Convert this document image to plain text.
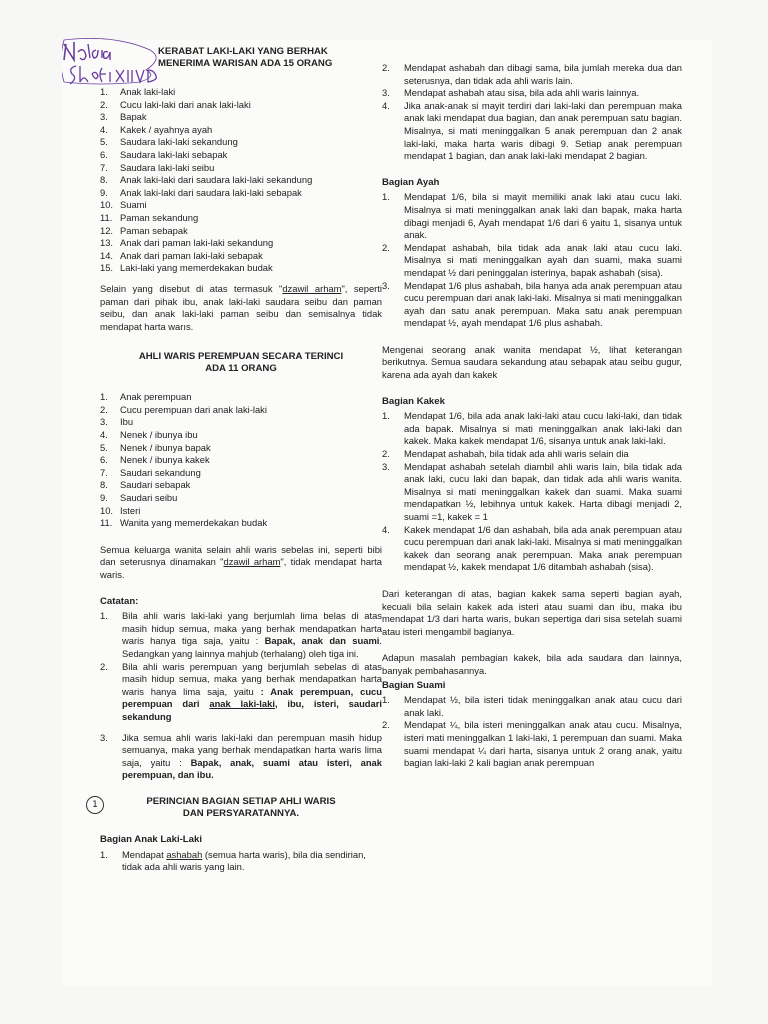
KERABAT LAKI-LAKI YANG BERHAK
MENERIMA WARISAN ADA 15 ORANG
1. Anak laki-laki
2. Cucu laki-laki dari anak laki-laki
3. Bapak
4. Kakek / ayahnya ayah
5. Saudara laki-laki sekandung
6. Saudara laki-laki sebapak
7. Saudara laki-laki seibu
8. Anak laki-laki dari saudara laki-laki sekandung
9. Anak laki-laki dari saudara laki-laki sebapak
10. Suami
11. Paman sekandung
12. Paman sebapak
13. Anak dari paman laki-laki sekandung
14. Anak dari paman laki-laki sebapak
15. Laki-laki yang memerdekakan budak

Selain yang disebut di atas termasuk "dzawil arham", seperti paman dari pihak ibu, anak laki-laki saudara seibu dan paman seibu, dan anak laki-laki paman seibu dan semisalnya tidak mendapat harta warıs.

AHLI WARIS PEREMPUAN SECARA TERINCI
ADA 11 ORANG
1. Anak perempuan
2. Cucu perempuan dari anak laki-laki
3. Ibu
4. Nenek / ibunya ibu
5. Nenek / ibunya bapak
6. Nenek / ibunya kakek
7. Saudari sekandung
8. Saudari sebapak
9. Saudari seibu
10. Isteri
11. Wanita yang memerdekakan budak

Semua keluarga wanita selain ahli waris sebelas ini, seperti bibi dan seterusnya dinamakan "dzawil arham", tidak mendapat harta waris.

Catatan:
1. Bila ahli waris laki-laki yang berjumlah lima belas di atas masih hidup semua, maka yang berhak mendapatkan harta waris hanya tiga saja, yaitu : Bapak, anak dan suami. Sedangkan yang lainnya mahjub (terhalang) oleh tiga ini.
2. Bila ahli waris perempuan yang berjumlah sebelas di atas masih hidup semua, maka yang berhak mendapatkan harta waris hanya lima saja, yaitu : Anak perempuan, cucu perempuan dari anak laki-laki, ibu, isteri, saudari sekandung
3. Jika semua ahli waris laki-laki dan perempuan masih hidup semuanya, maka yang berhak mendapatkan harta waris lima saja, yaitu : Bapak, anak, suami atau isteri, anak perempuan, dan ibu.
1	PERINCIAN BAGIAN SETIAP AHLI WARIS
DAN PERSYARATANNYA.
Bagian Anak Laki-Laki
1. Mendapat ashabah (semua harta waris), bila dia sendirian, tidak ada ahli waris yang lain.
2. Mendapat ashabah dan dibagi sama, bila jumlah mereka dua dan seterusnya, dan tidak ada ahli waris lain.
3. Mendapat ashabah atau sisa, bila ada ahli waris lainnya.
4. Jika anak-anak si mayit terdiri dari laki-laki dan perempuan maka anak laki mendapat dua bagian, dan anak perempuan satu bagian. Misalnya, si mati meninggalkan 5 anak perempuan dan 2 anak laki-laki, maka harta waris dibagi 9. Setiap anak perempuan mendapat 1 bagian, dan anak laki-laki mendapat 2 bagian.
Bagian Ayah
1. Mendapat 1/6, bila si mayit memiliki anak laki atau cucu laki. Misalnya si mati meninggalkan anak laki dan bapak, maka harta dibagi menjadi 6, Ayah mendapat 1/6 dari 6 yaitu 1, sisanya untuk anak.
2. Mendapat ashabah, bila tidak ada anak laki atau cucu laki. Misalnya si mati meninggalkan ayah dan suami, maka suami mendapat ½ dari peninggalan isterinya, bapak ashabah (sisa).
3. Mendapat 1/6 plus ashabah, bila hanya ada anak perempuan atau cucu perempuan dari anak laki-laki. Misalnya si mati meninggalkan ayah dan satu anak perempuan. Maka satu anak perempuan mendapat ½, ayah mendapat 1/6 plus ashabah.

Mengenai seorang anak wanita mendapat ½, lihat keterangan berikutnya. Semua saudara sekandung atau sebapak atau seibu gugur, karena ada ayah dan kakek

Bagian Kakek
1. Mendapat 1/6, bila ada anak laki-laki atau cucu laki-laki, dan tidak ada bapak. Misalnya si mati meninggalkan anak laki-laki dan kakek. Maka kakek mendapat 1/6, sisanya untuk anak laki-laki.
2. Mendapat ashabah, bila tidak ada ahli waris selain dia
3. Mendapat ashabah setelah diambil ahli waris lain, bila tidak ada anak laki, cucu laki dan bapak, dan tidak ada ahli waris wanita. Misalnya si mati meninggalkan kakek dan suami. Maka suami mendapatkan ½, lebihnya untuk kakek. Harta dibagi menjadi 2, suami =1, kakek = 1
4. Kakek mendapat 1/6 dan ashabah, bila ada anak perempuan atau cucu perempuan dari anak laki-laki. Misalnya si mati meninggalkan kakek dan seorang anak perempuan. Maka anak perempuan mendapat ½, kakek mendapat 1/6 ditambah ashabah (sisa).

Dari keterangan di atas, bagian kakek sama seperti bagian ayah, kecuali bila selain kakek ada isteri atau suami dan ibu, maka ibu mendapat 1/3 dari harta waris, bukan sepertiga dari sisa setelah suami atau isteri mengambil bagianya.

Adapun masalah pembagian kakek, bila ada saudara dan lainnya, banyak pembahasannya.

Bagian Suami
1. Mendapat ½, bila isteri tidak meninggalkan anak atau cucu dari anak laki.
2. Mendapat ¼, bila isteri meninggalkan anak atau cucu. Misalnya, isteri mati meninggalkan 1 laki-laki, 1 perempuan dan suami. Maka suami mendapat ¼ dari harta, sisanya untuk 2 orang anak, yaitu bagian laki-laki 2 kali bagian anak perempuan
